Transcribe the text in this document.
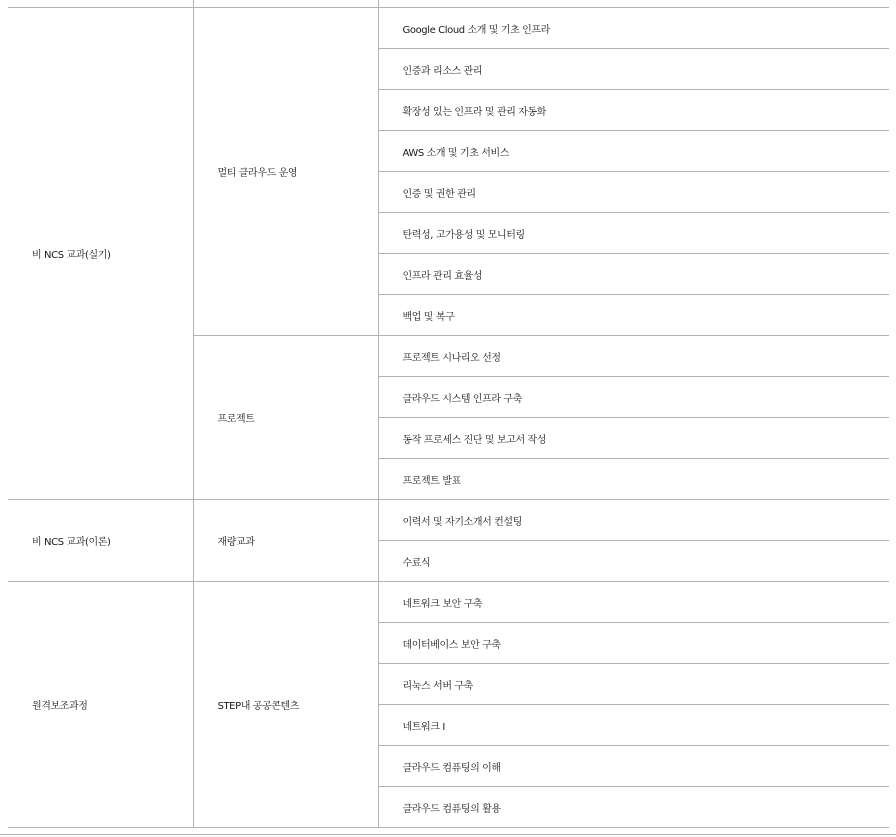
비 NCS 교과(실기)	멀티 클라우드 운영	Google Cloud 소개 및 기초 인프라
		인증과 리소스 관리
		확장성 있는 인프라 및 관리 자동화
		AWS 소개 및 기초 서비스
		인증 및 권한 관리
		탄력성, 고가용성 및 모니터링
		인프라 관리 효율성
		백업 및 복구
	프로젝트	프로젝트 시나리오 선정
		클라우드 시스템 인프라 구축
		동작 프로세스 진단 및 보고서 작성
		프로젝트 발표
비 NCS 교과(이론)	재량교과	이력서 및 자기소개서 컨설팅
		수료식
원격보조과정	STEP내 공공콘텐츠	네트워크 보안 구축
		데이터베이스 보안 구축
		리눅스 서버 구축
		네트워크 I
		클라우드 컴퓨팅의 이해
		클라우드 컴퓨팅의 활용
